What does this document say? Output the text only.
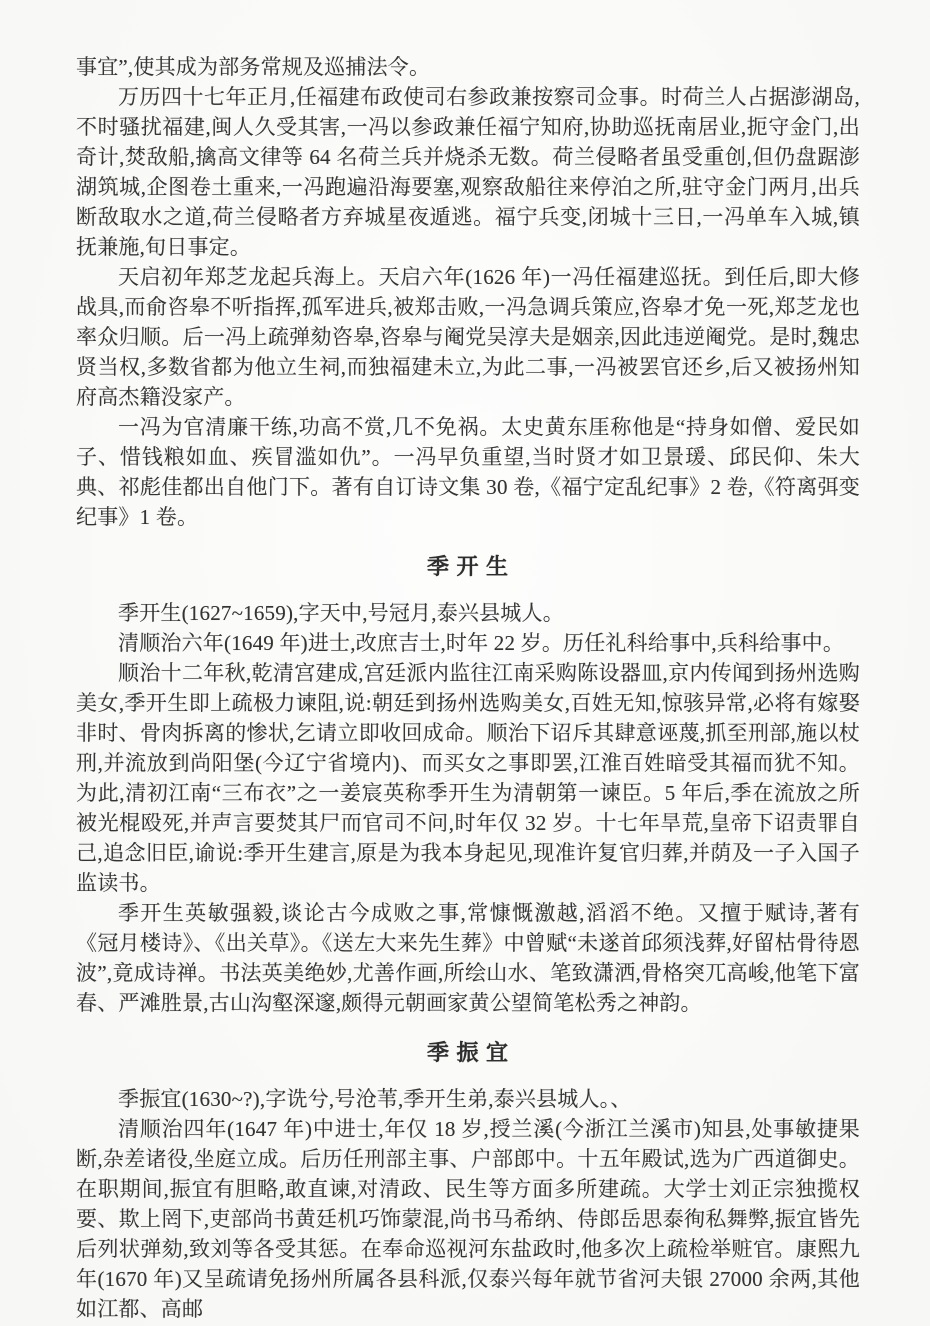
事宜”,使其成为部务常规及巡捕法令。

万历四十七年正月,任福建布政使司右参政兼按察司佥事。时荷兰人占据澎湖岛,不时骚扰福建,闽人久受其害,一冯以参政兼任福宁知府,协助巡抚南居业,扼守金门,出奇计,焚敌船,擒高文律等 64 名荷兰兵并烧杀无数。荷兰侵略者虽受重创,但仍盘踞澎湖筑城,企图卷土重来,一冯跑遍沿海要塞,观察敌船往来停泊之所,驻守金门两月,出兵断敌取水之道,荷兰侵略者方弃城星夜遁逃。福宁兵变,闭城十三日,一冯单车入城,镇抚兼施,旬日事定。

天启初年郑芝龙起兵海上。天启六年(1626 年)一冯任福建巡抚。到任后,即大修战具,而俞咨皋不听指挥,孤军进兵,被郑击败,一冯急调兵策应,咨皋才免一死,郑芝龙也率众归顺。后一冯上疏弹劾咨皋,咨皋与阉党吴淳夫是姻亲,因此违逆阉党。是时,魏忠贤当权,多数省都为他立生祠,而独福建未立,为此二事,一冯被罢官还乡,后又被扬州知府高杰籍没家产。

一冯为官清廉干练,功高不赏,几不免祸。太史黄东厓称他是“持身如僧、爱民如子、惜钱粮如血、疾冒滥如仇”。一冯早负重望,当时贤才如卫景瑗、邱民仰、朱大典、祁彪佳都出自他门下。著有自订诗文集 30 卷,《福宁定乱纪事》2 卷,《符离弭变纪事》1 卷。

季 开 生

季开生(1627~1659),字天中,号冠月,泰兴县城人。

清顺治六年(1649 年)进士,改庶吉士,时年 22 岁。历任礼科给事中,兵科给事中。

顺治十二年秋,乾清宫建成,宫廷派内监往江南采购陈设器皿,京内传闻到扬州选购美女,季开生即上疏极力谏阻,说:朝廷到扬州选购美女,百姓无知,惊骇异常,必将有嫁娶非时、骨肉拆离的惨状,乞请立即收回成命。顺治下诏斥其肆意诬蔑,抓至刑部,施以杖刑,并流放到尚阳堡(今辽宁省境内)、而买女之事即罢,江淮百姓暗受其福而犹不知。为此,清初江南“三布衣”之一姜宸英称季开生为清朝第一谏臣。5 年后,季在流放之所被光棍殴死,并声言要焚其尸而官司不问,时年仅 32 岁。十七年旱荒,皇帝下诏责罪自己,追念旧臣,谕说:季开生建言,原是为我本身起见,现准许复官归葬,并荫及一子入国子监读书。

季开生英敏强毅,谈论古今成败之事,常慷慨激越,滔滔不绝。又擅于赋诗,著有《冠月楼诗》、《出关草》。《送左大来先生葬》中曾赋“未遂首邱须浅葬,好留枯骨待恩波”,竟成诗禅。书法英美绝妙,尤善作画,所绘山水、笔致潇洒,骨格突兀高峻,他笔下富春、严滩胜景,古山沟壑深邃,颇得元朝画家黄公望简笔松秀之神韵。

季 振 宜

季振宜(1630~?),字诜兮,号沧苇,季开生弟,泰兴县城人。、

清顺治四年(1647 年)中进士,年仅 18 岁,授兰溪(今浙江兰溪市)知县,处事敏捷果断,杂差诸役,坐庭立成。后历任刑部主事、户部郎中。十五年殿试,选为广西道御史。在职期间,振宜有胆略,敢直谏,对清政、民生等方面多所建疏。大学士刘正宗独揽权要、欺上罔下,吏部尚书黄廷机巧饰蒙混,尚书马希纳、侍郎岳思泰徇私舞弊,振宜皆先后列状弹劾,致刘等各受其惩。在奉命巡视河东盐政时,他多次上疏检举赃官。康熙九年(1670 年)又呈疏请免扬州所属各县科派,仅泰兴每年就节省河夫银 27000 余两,其他如江都、高邮
